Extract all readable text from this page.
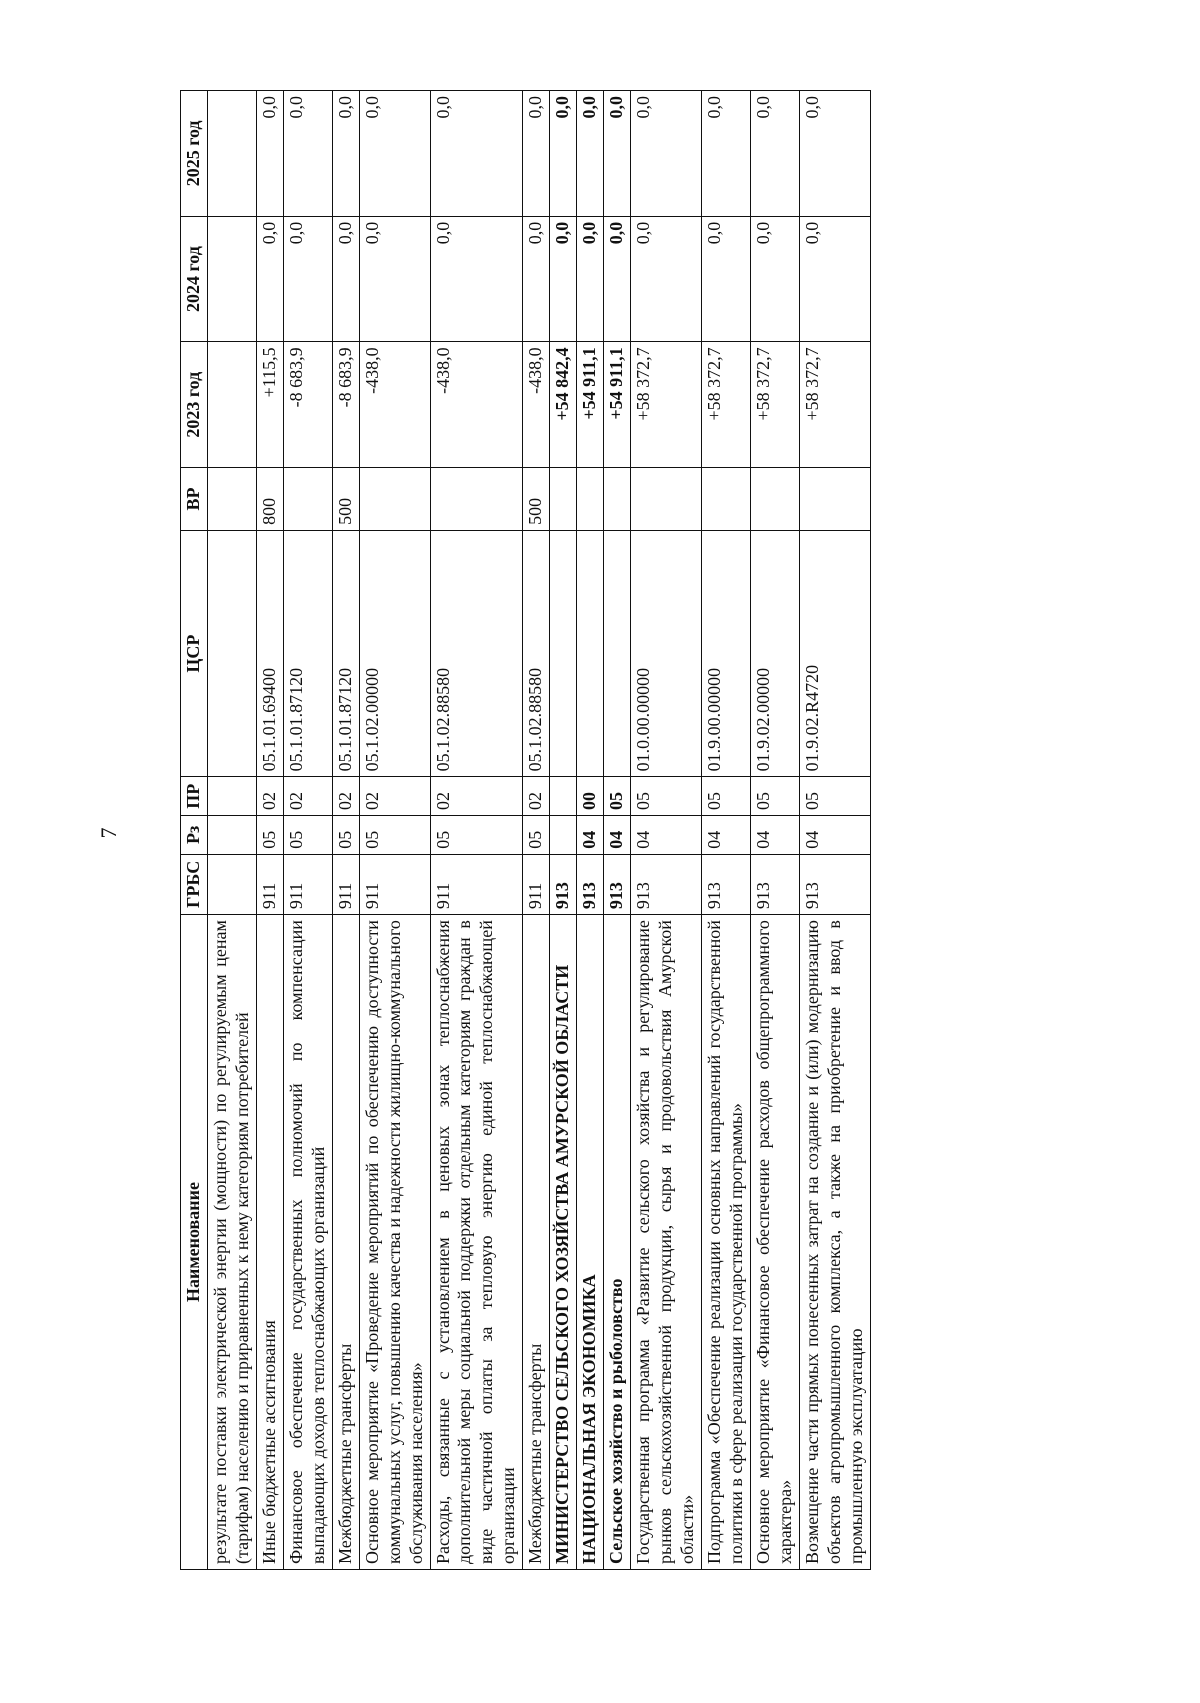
7
Наименование	ГРБС	Рз	ПР	ЦСР	ВР	2023 год	2024 год	2025 год
результате поставки электрической энергии (мощности) по регулируемым ценам (тарифам) населению и приравненных к нему категориям потребителей								
Иные бюджетные ассигнования	911	05	02	05.1.01.69400	800	+115,5	0,0	0,0
Финансовое обеспечение государственных полномочий по компенсации выпадающих доходов теплоснабжающих организаций	911	05	02	05.1.01.87120		-8 683,9	0,0	0,0
Межбюджетные трансферты	911	05	02	05.1.01.87120	500	-8 683,9	0,0	0,0
Основное мероприятие «Проведение мероприятий по обеспечению доступности коммунальных услуг, повышению качества и надежности жилищно-коммунального обслуживания населения»	911	05	02	05.1.02.00000		-438,0	0,0	0,0
Расходы, связанные с установлением в ценовых зонах теплоснабжения дополнительной меры социальной поддержки отдельным категориям граждан в виде частичной оплаты за тепловую энергию единой теплоснабжающей организации	911	05	02	05.1.02.88580		-438,0	0,0	0,0
Межбюджетные трансферты	911	05	02	05.1.02.88580	500	-438,0	0,0	0,0
МИНИСТЕРСТВО СЕЛЬСКОГО ХОЗЯЙСТВА АМУРСКОЙ ОБЛАСТИ	913					+54 842,4	0,0	0,0
НАЦИОНАЛЬНАЯ ЭКОНОМИКА	913	04	00			+54 911,1	0,0	0,0
Сельское хозяйство и рыболовство	913	04	05			+54 911,1	0,0	0,0
Государственная программа «Развитие сельского хозяйства и регулирование рынков сельскохозяйственной продукции, сырья и продовольствия Амурской области»	913	04	05	01.0.00.00000		+58 372,7	0,0	0,0
Подпрограмма «Обеспечение реализации основных направлений государственной политики в сфере реализации государственной программы»	913	04	05	01.9.00.00000		+58 372,7	0,0	0,0
Основное мероприятие «Финансовое обеспечение расходов общепрограммного характера»	913	04	05	01.9.02.00000		+58 372,7	0,0	0,0
Возмещение части прямых понесенных затрат на создание и (или) модернизацию объектов агропромышленного комплекса, а также на приобретение и ввод в промышленную эксплуатацию	913	04	05	01.9.02.R4720		+58 372,7	0,0	0,0
